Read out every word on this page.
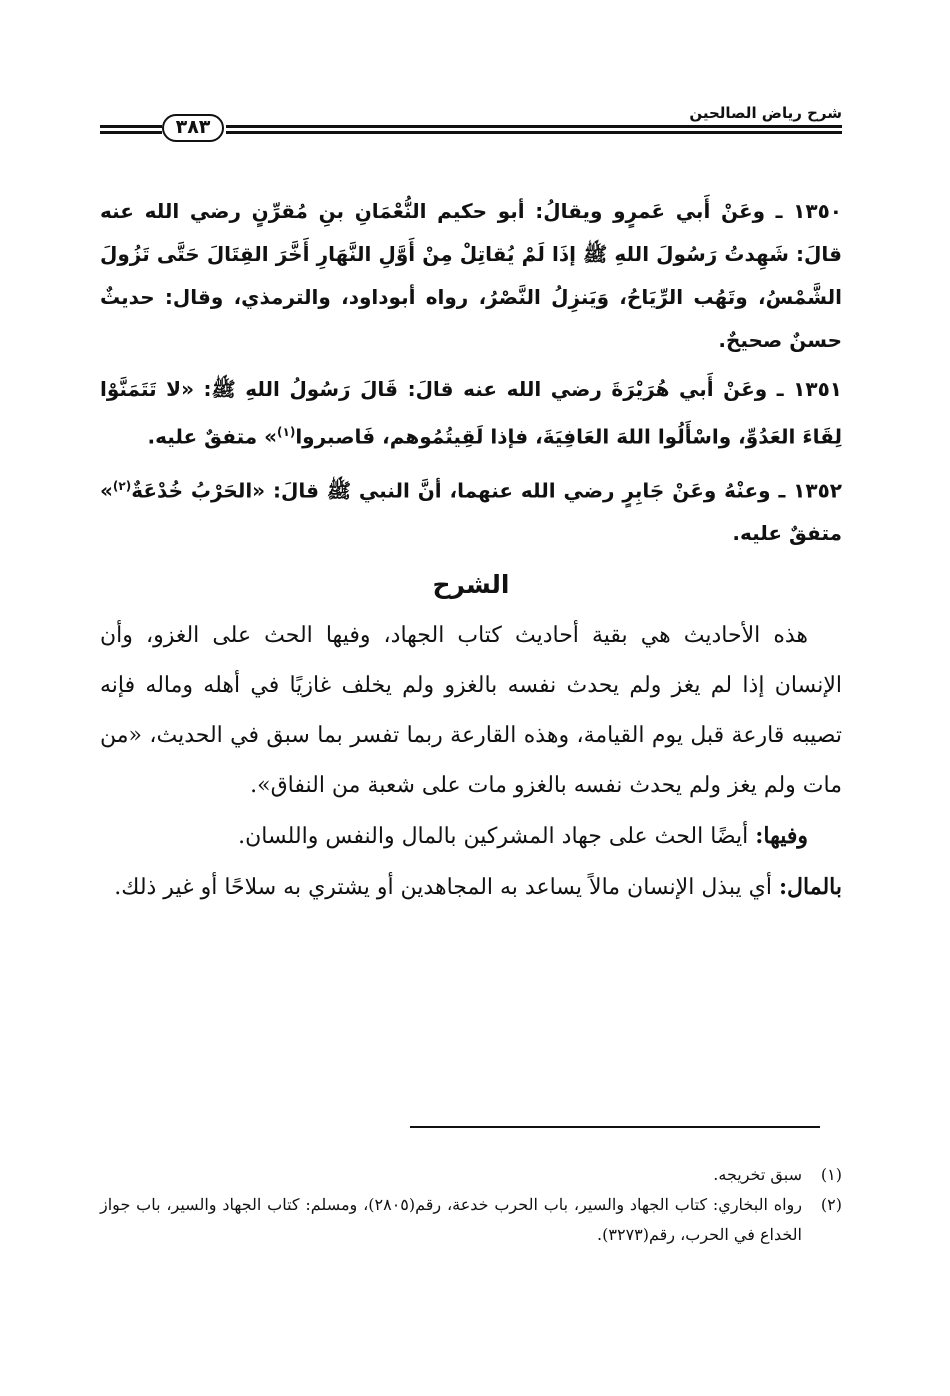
شرح رياض الصالحين
٣٨٣

١٣٥٠ ـ وعَنْ أَبي عَمرٍو ويقالُ: أبو حكيم النُّعْمَانِ بنِ مُقرِّنٍ رضي الله عنه قالَ: شَهِدتُ رَسُولَ اللهِ ﷺ إذَا لَمْ يُقاتِلْ مِنْ أَوَّلِ النَّهَارِ أَخَّرَ القِتَالَ حَتَّى تَزُولَ الشَّمْسُ، وتَهُب الرِّيَاحُ، وَيَنزِلُ النَّصْرُ، رواه أبوداود، والترمذي، وقال: حديثٌ حسنٌ صحيحٌ.

١٣٥١ ـ وعَنْ أَبي هُرَيْرَةَ رضي الله عنه قالَ: قَالَ رَسُولُ اللهِ ﷺ: «لا تَتَمَنَّوْا لِقَاءَ العَدُوِّ، واسْأَلُوا اللهَ العَافِيَةَ، فإذا لَقِيتُمُوهم، فَاصبروا$^{(١)}$» متفقٌ عليه.

١٣٥٢ ـ وعنْهُ وعَنْ جَابِرٍ رضي الله عنهما، أنَّ النبي ﷺ قالَ: «الحَرْبُ خُدْعَةٌ$^{(٢)}$» متفقٌ عليه.

الشرح

هذه الأحاديث هي بقية أحاديث كتاب الجهاد، وفيها الحث على الغزو، وأن الإنسان إذا لم يغز ولم يحدث نفسه بالغزو ولم يخلف غازيًا في أهله وماله فإنه تصيبه قارعة قبل يوم القيامة، وهذه القارعة ربما تفسر بما سبق في الحديث، «من مات ولم يغز ولم يحدث نفسه بالغزو مات على شعبة من النفاق».

وفيها: أيضًا الحث على جهاد المشركين بالمال والنفس واللسان.

بالمال: أي يبذل الإنسان مالاً يساعد به المجاهدين أو يشتري به سلاحًا أو غير ذلك.

(١)
سبق تخريجه.
(٢)
رواه البخاري: كتاب الجهاد والسير، باب الحرب خدعة، رقم(٢٨٠٥)، ومسلم: كتاب الجهاد والسير، باب جواز الخداع في الحرب، رقم(٣٢٧٣).
